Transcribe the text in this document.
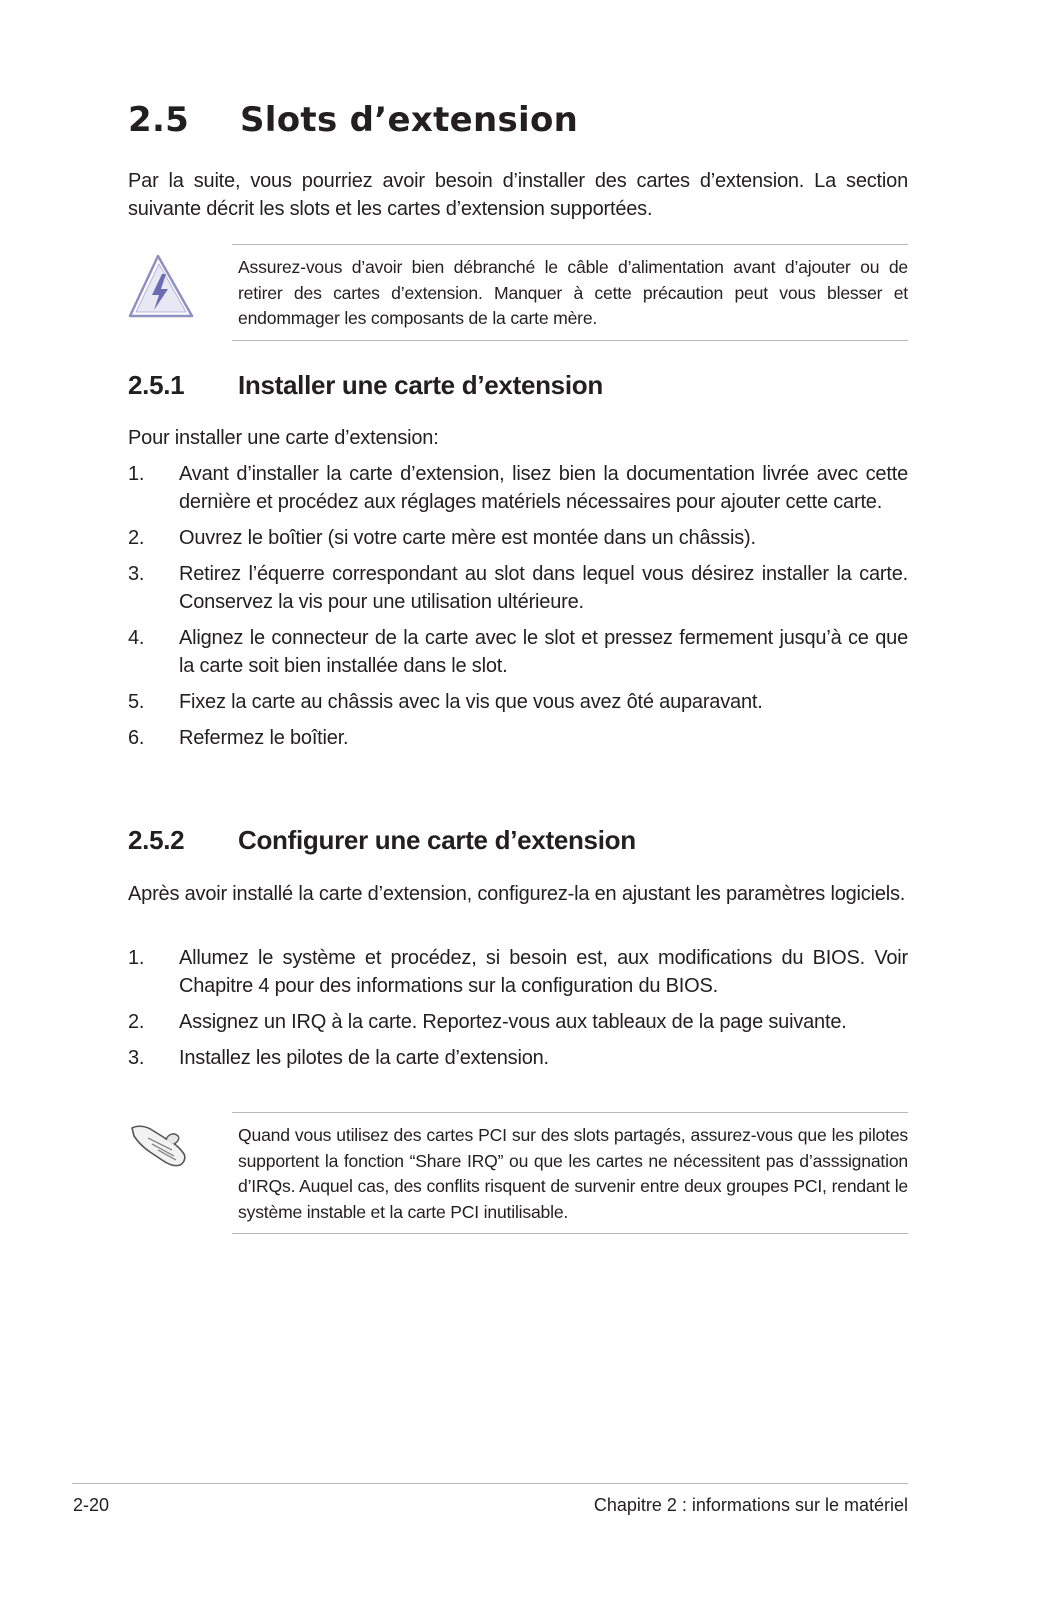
2.5 Slots d’extension

Par la suite, vous pourriez avoir besoin d’installer des cartes d’extension. La section suivante décrit les slots et les cartes d’extension supportées.

Assurez-vous d’avoir bien débranché le câble d’alimentation avant d’ajouter ou de retirer des cartes d’extension. Manquer à cette précaution peut vous blesser et endommager les composants de la carte mère.

2.5.1 Installer une carte d’extension

Pour installer une carte d’extension:

1. Avant d’installer la carte d’extension, lisez bien la documentation livrée avec cette dernière et procédez aux réglages matériels nécessaires pour ajouter cette carte.
2. Ouvrez le boîtier (si votre carte mère est montée dans un châssis).
3. Retirez l’équerre correspondant au slot dans lequel vous désirez installer la carte. Conservez la vis pour une utilisation ultérieure.
4. Alignez le connecteur de la carte avec le slot et pressez fermement jusqu’à ce que la carte soit bien installée dans le slot.
5. Fixez la carte au châssis avec la vis que vous avez ôté auparavant.
6. Refermez le boîtier.
2.5.2 Configurer une carte d’extension

Après avoir installé la carte d’extension, configurez-la en ajustant les paramètres logiciels.

1. Allumez le système et procédez, si besoin est, aux modifications du BIOS. Voir Chapitre 4 pour des informations sur la configuration du BIOS.
2. Assignez un IRQ à la carte. Reportez-vous aux tableaux de la page suivante.
3. Installez les pilotes de la carte d’extension.

Quand vous utilisez des cartes PCI sur des slots partagés, assurez-vous que les pilotes supportent la fonction “Share IRQ” ou que les cartes ne nécessitent pas d’asssignation d’IRQs. Auquel cas, des conflits risquent de survenir entre deux groupes PCI, rendant le système instable et la carte PCI inutilisable.

2-20	Chapitre 2 : informations sur le matériel
